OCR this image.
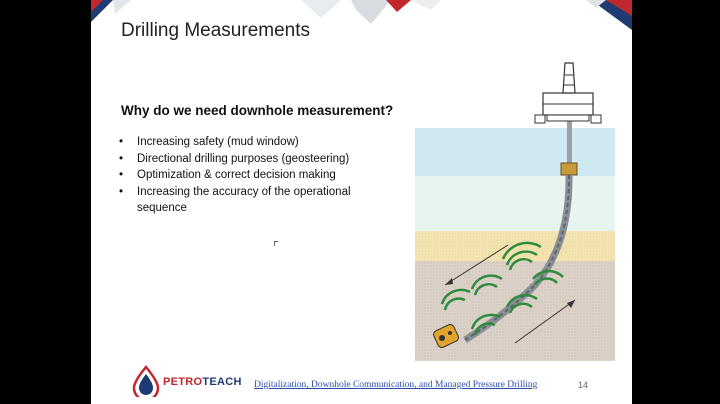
Drilling Measurements
Why do we need downhole measurement?
• Increasing safety (mud window)
• Directional drilling purposes (geosteering)
• Optimization & correct decision making
• Increasing the accuracy of the operational sequence
PETROTEACH Digitalization, Downhole Communication, and Managed Pressure Drilling	14
